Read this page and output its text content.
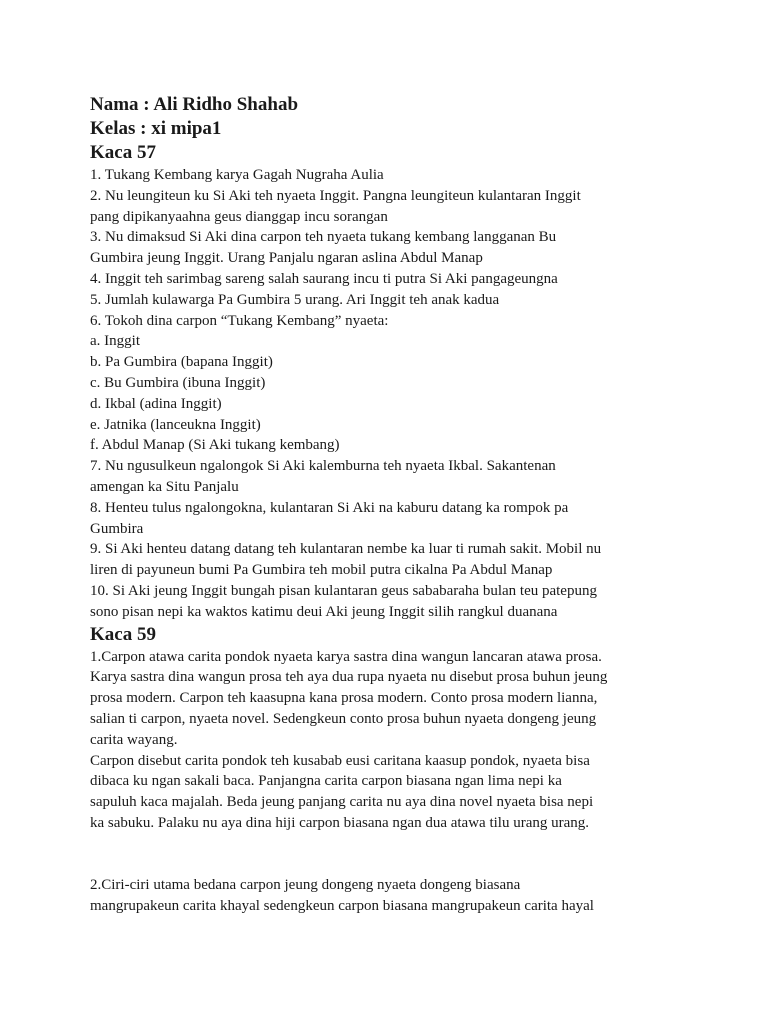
Nama : Ali Ridho Shahab

Kelas : xi mipa1

Kaca 57

1. Tukang Kembang karya Gagah Nugraha Aulia

2. Nu leungiteun ku Si Aki teh nyaeta Inggit. Pangna leungiteun kulantaran Inggit

pang dipikanyaahna geus dianggap incu sorangan

3. Nu dimaksud Si Aki dina carpon teh nyaeta tukang kembang langganan Bu

Gumbira jeung Inggit. Urang Panjalu ngaran aslina Abdul Manap

4. Inggit teh sarimbag sareng salah saurang incu ti putra Si Aki pangageungna

5. Jumlah kulawarga Pa Gumbira 5 urang. Ari Inggit teh anak kadua

6. Tokoh dina carpon “Tukang Kembang” nyaeta:

a. Inggit

b. Pa Gumbira (bapana Inggit)

c. Bu Gumbira (ibuna Inggit)

d. Ikbal (adina Inggit)

e. Jatnika (lanceukna Inggit)

f. Abdul Manap (Si Aki tukang kembang)

7. Nu ngusulkeun ngalongok Si Aki kalemburna teh nyaeta Ikbal. Sakantenan

amengan ka Situ Panjalu

8. Henteu tulus ngalongokna, kulantaran Si Aki na kaburu datang ka rompok pa

Gumbira

9. Si Aki henteu datang datang teh kulantaran nembe ka luar ti rumah sakit. Mobil nu

liren di payuneun bumi Pa Gumbira teh mobil putra cikalna Pa Abdul Manap

10. Si Aki jeung Inggit bungah pisan kulantaran geus sababaraha bulan teu patepung

sono pisan nepi ka waktos katimu deui Aki jeung Inggit silih rangkul duanana

Kaca 59

1.Carpon atawa carita pondok nyaeta karya sastra dina wangun lancaran atawa prosa.

Karya sastra dina wangun prosa teh aya dua rupa nyaeta nu disebut prosa buhun jeung

prosa modern. Carpon teh kaasupna kana prosa modern. Conto prosa modern lianna,

salian ti carpon, nyaeta novel. Sedengkeun conto prosa buhun nyaeta dongeng jeung

carita wayang.

Carpon disebut carita pondok teh kusabab eusi caritana kaasup pondok, nyaeta bisa

dibaca ku ngan sakali baca. Panjangna carita carpon biasana ngan lima nepi ka

sapuluh kaca majalah. Beda jeung panjang carita nu aya dina novel nyaeta bisa nepi

ka sabuku. Palaku nu aya dina hiji carpon biasana ngan dua atawa tilu urang urang.

2.Ciri-ciri utama bedana carpon jeung dongeng nyaeta dongeng biasana

mangrupakeun carita khayal sedengkeun carpon biasana mangrupakeun carita hayal
